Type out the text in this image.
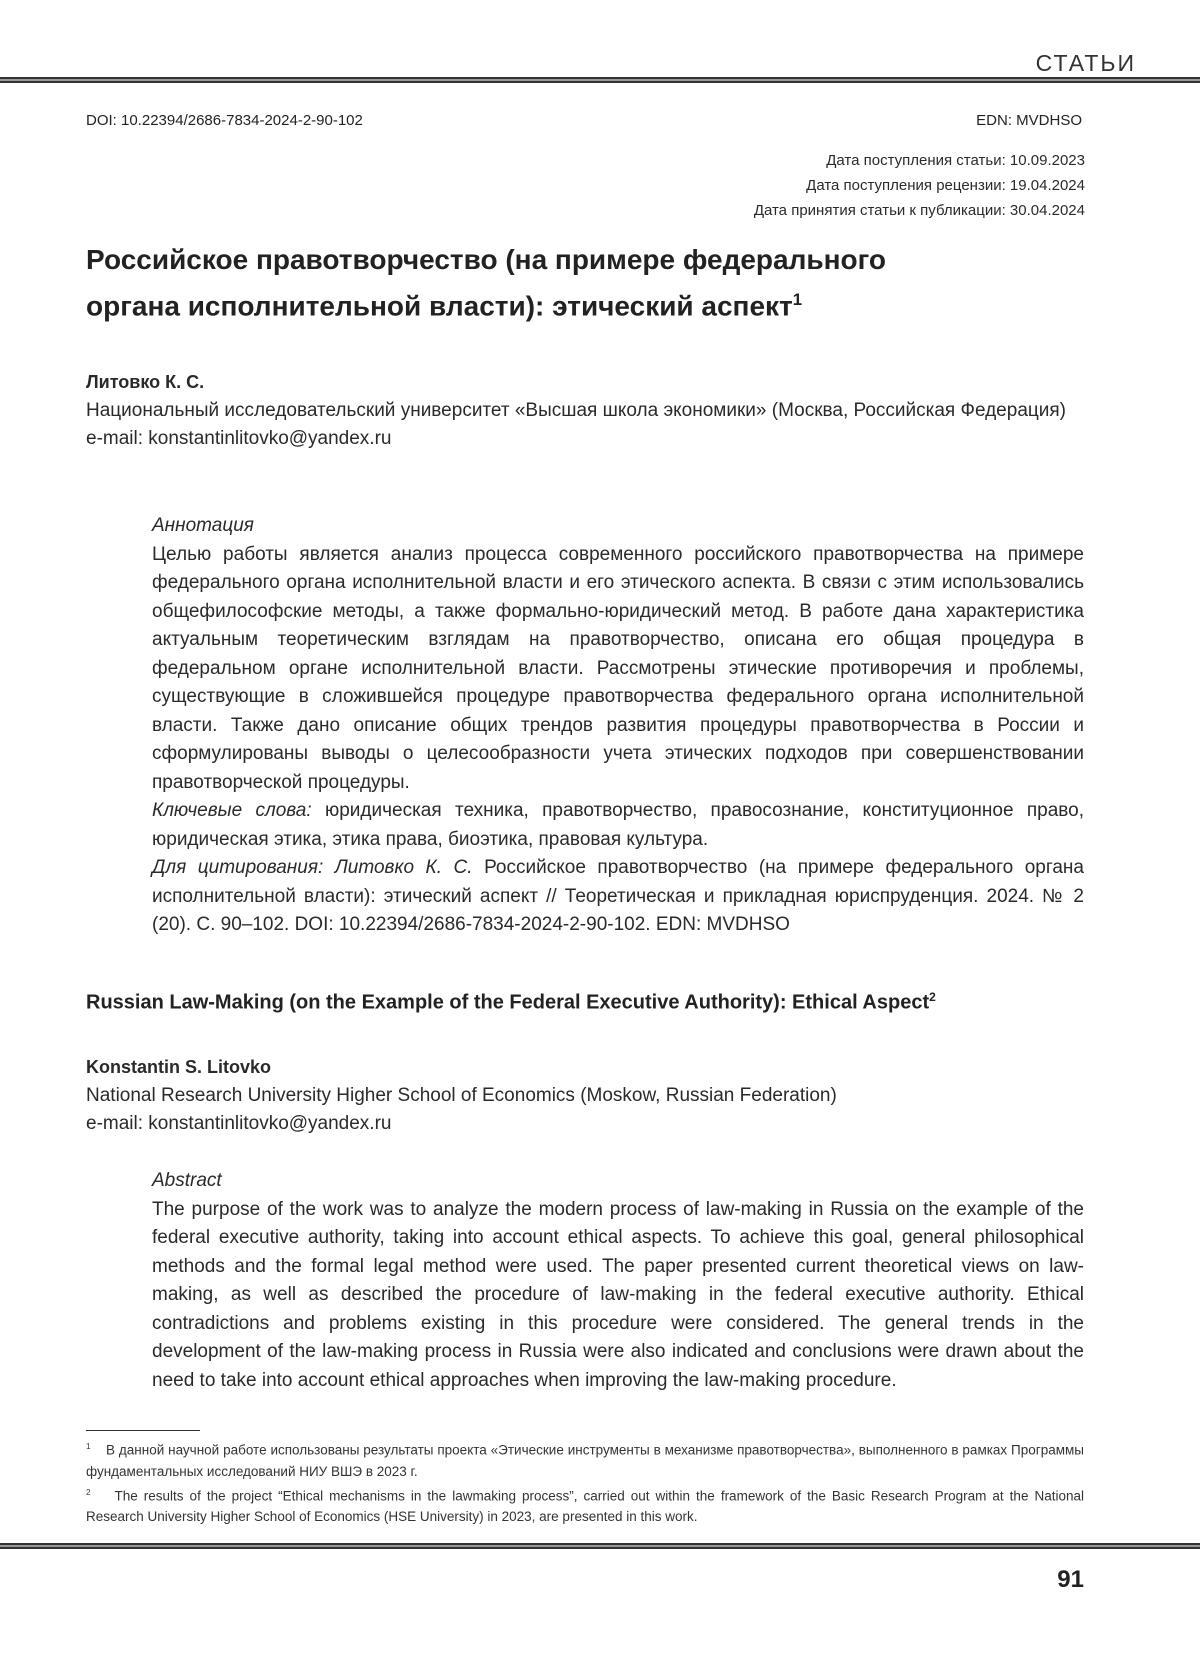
СТАТЬИ
DOI: 10.22394/2686-7834-2024-2-90-102	EDN: MVDHSO
Дата поступления статьи: 10.09.2023
Дата поступления рецензии: 19.04.2024
Дата принятия статьи к публикации: 30.04.2024
Российское правотворчество (на примере федерального органа исполнительной власти): этический аспект1
Литовко К. С.
Национальный исследовательский университет «Высшая школа экономики» (Москва, Российская Федерация)
e-mail: konstantinlitovko@yandex.ru
Аннотация
Целью работы является анализ процесса современного российского правотворчества на примере федерального органа исполнительной власти и его этического аспекта. В связи с этим использовались общефилософские методы, а также формально-юридический метод. В работе дана характеристика актуальным теоретическим взглядам на правотворчество, описана его общая процедура в федеральном органе исполнительной власти. Рассмотрены этические противоречия и проблемы, существующие в сложившейся процедуре правотворчества федерального органа исполнительной власти. Также дано описание общих трендов развития процедуры правотворчества в России и сформулированы выводы о целесообразности учета этических подходов при совершенствовании правотворческой процедуры.
Ключевые слова: юридическая техника, правотворчество, правосознание, конституционное право, юридическая этика, этика права, биоэтика, правовая культура.
Для цитирования: Литовко К. С. Российское правотворчество (на примере федерального органа исполнительной власти): этический аспект // Теоретическая и прикладная юриспруденция. 2024. № 2 (20). С. 90–102. DOI: 10.22394/2686-7834-2024-2-90-102. EDN: MVDHSO
Russian Law-Making (on the Example of the Federal Executive Authority): Ethical Aspect2
Konstantin S. Litovko
National Research University Higher School of Economics (Moskow, Russian Federation)
e-mail: konstantinlitovko@yandex.ru
Abstract
The purpose of the work was to analyze the modern process of law-making in Russia on the example of the federal executive authority, taking into account ethical aspects. To achieve this goal, general philosophical methods and the formal legal method were used. The paper presented current theoretical views on law-making, as well as described the procedure of law-making in the federal executive authority. Ethical contradictions and problems existing in this procedure were considered. The general trends in the development of the law-making process in Russia were also indicated and conclusions were drawn about the need to take into account ethical approaches when improving the law-making procedure.
1 В данной научной работе использованы результаты проекта «Этические инструменты в механизме правотворчества», выполненного в рамках Программы фундаментальных исследований НИУ ВШЭ в 2023 г.
2 The results of the project “Ethical mechanisms in the lawmaking process”, carried out within the framework of the Basic Research Program at the National Research University Higher School of Economics (HSE University) in 2023, are presented in this work.
91
